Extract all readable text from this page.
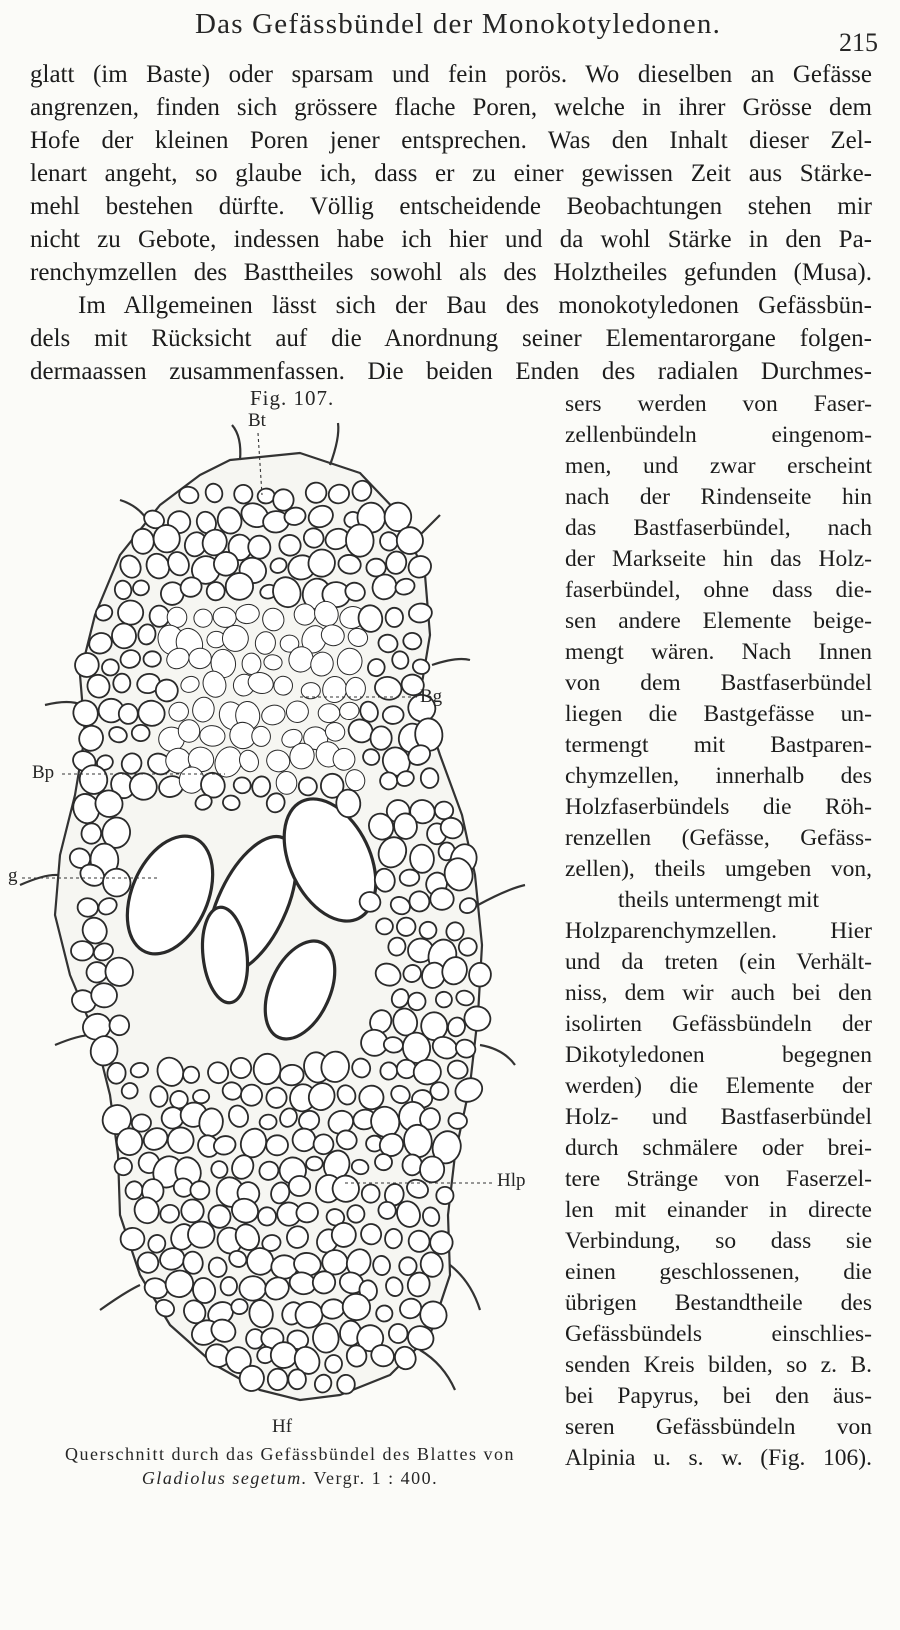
Das Gefässbündel der Monokotyledonen.
215
glatt (im Baste) oder sparsam und fein porös. Wo dieselben an Gefässe
angrenzen, finden sich grössere flache Poren, welche in ihrer Grösse dem
Hofe der kleinen Poren jener entsprechen. Was den Inhalt dieser Zel-
lenart angeht, so glaube ich, dass er zu einer gewissen Zeit aus Stärke-
mehl bestehen dürfte. Völlig entscheidende Beobachtungen stehen mir
nicht zu Gebote, indessen habe ich hier und da wohl Stärke in den Pa-
renchymzellen des Basttheiles sowohl als des Holztheiles gefunden (Musa).
Im Allgemeinen lässt sich der Bau des monokotyledonen Gefässbün-
dels mit Rücksicht auf die Anordnung seiner Elementarorgane folgen-
dermaassen zusammenfassen. Die beiden Enden des radialen Durchmes-
sers werden von Faser-
zellenbündeln eingenom-
men, und zwar erscheint
nach der Rindenseite hin
das Bastfaserbündel, nach
der Markseite hin das Holz-
faserbündel, ohne dass die-
sen andere Elemente beige-
mengt wären. Nach Innen
von dem Bastfaserbündel
liegen die Bastgefässe un-
termengt mit Bastparen-
chymzellen, innerhalb des
Holzfaserbündels die Röh-
renzellen (Gefässe, Gefäss-
zellen), theils umgeben von,
theils untermengt mit
Holzparenchymzellen. Hier
und da treten (ein Verhält-
niss, dem wir auch bei den
isolirten Gefässbündeln der
Dikotyledonen begegnen
werden) die Elemente der
Holz- und Bastfaserbündel
durch schmälere oder brei-
tere Stränge von Faserzel-
len mit einander in directe
Verbindung, so dass sie
einen geschlossenen, die
übrigen Bestandtheile des
Gefässbündels einschlies-
senden Kreis bilden, so z. B.
bei Papyrus, bei den äus-
seren Gefässbündeln von
Alpinia u. s. w. (Fig. 106).
Fig. 107.
Bt
Bg
Bp
g
Hlp
Hf
Querschnitt durch das Gefässbündel des Blattes von
Gladiolus segetum. Vergr. 1 : 400.
